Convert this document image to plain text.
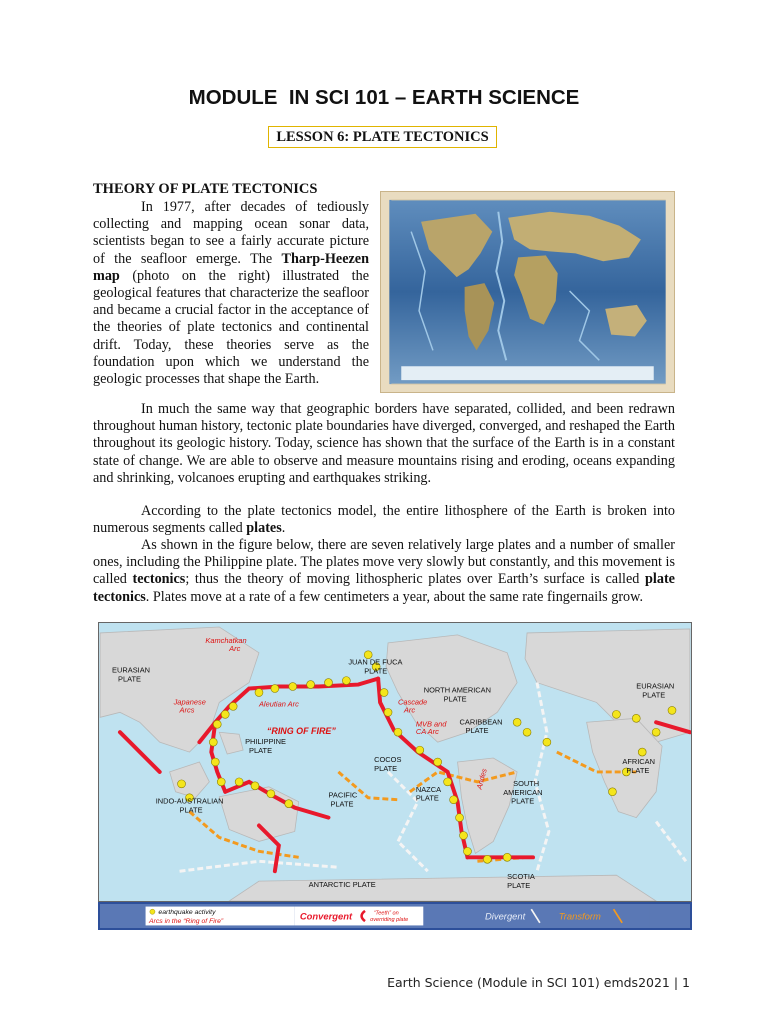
MODULE  IN SCI 101 – EARTH SCIENCE
LESSON 6: PLATE TECTONICS
THEORY OF PLATE TECTONICS

In 1977, after decades of tediously collecting and mapping ocean sonar data, scientists began to see a fairly accurate picture of the seafloor emerge. The Tharp-Heezen map (photo on the right) illustrated the geological features that characterize the seafloor and became a crucial factor in the acceptance of the theories of plate tectonics and continental drift. Today, these theories serve as the foundation upon which we understand the geologic processes that shape the Earth.

In much the same way that geographic borders have separated, collided, and been redrawn throughout human history, tectonic plate boundaries have diverged, converged, and reshaped the Earth throughout its geologic history. Today, science has shown that the surface of the Earth is in a constant state of change. We are able to observe and measure mountains rising and eroding, oceans expanding and shrinking, volcanoes erupting and earthquakes striking.

According to the plate tectonics model, the entire lithosphere of the Earth is broken into numerous segments called plates.

As shown in the figure below, there are seven relatively large plates and a number of smaller ones, including the Philippine plate. The plates move very slowly but constantly, and this movement is called tectonics; thus the theory of moving lithospheric plates over Earth’s surface is called plate tectonics. Plates move at a rate of a few centimeters a year, about the same rate fingernails grow.

EURASIAN PLATE
Kamchatkan Arc
Japanese Arcs
Aleutian Arc
“RING OF FIRE”
PHILIPPINE PLATE
JUAN DE FUCA PLATE
Cascade Arc
NORTH AMERICAN PLATE
EURASIAN PLATE
MVB and CA Arc
CARIBBEAN PLATE
COCOS PLATE
AFRICAN PLATE
INDO-AUSTRALIAN PLATE
PACIFIC PLATE
NAZCA PLATE
Andes	SOUTH AMERICAN PLATE
SCOTIA PLATE
ANTARCTIC PLATE
earthquake activity
Arcs in the “Ring of Fire”	Convergent	“Teeth” on overriding plate	Divergent	Transform
Earth Science (Module in SCI 101) emds2021 | 1
